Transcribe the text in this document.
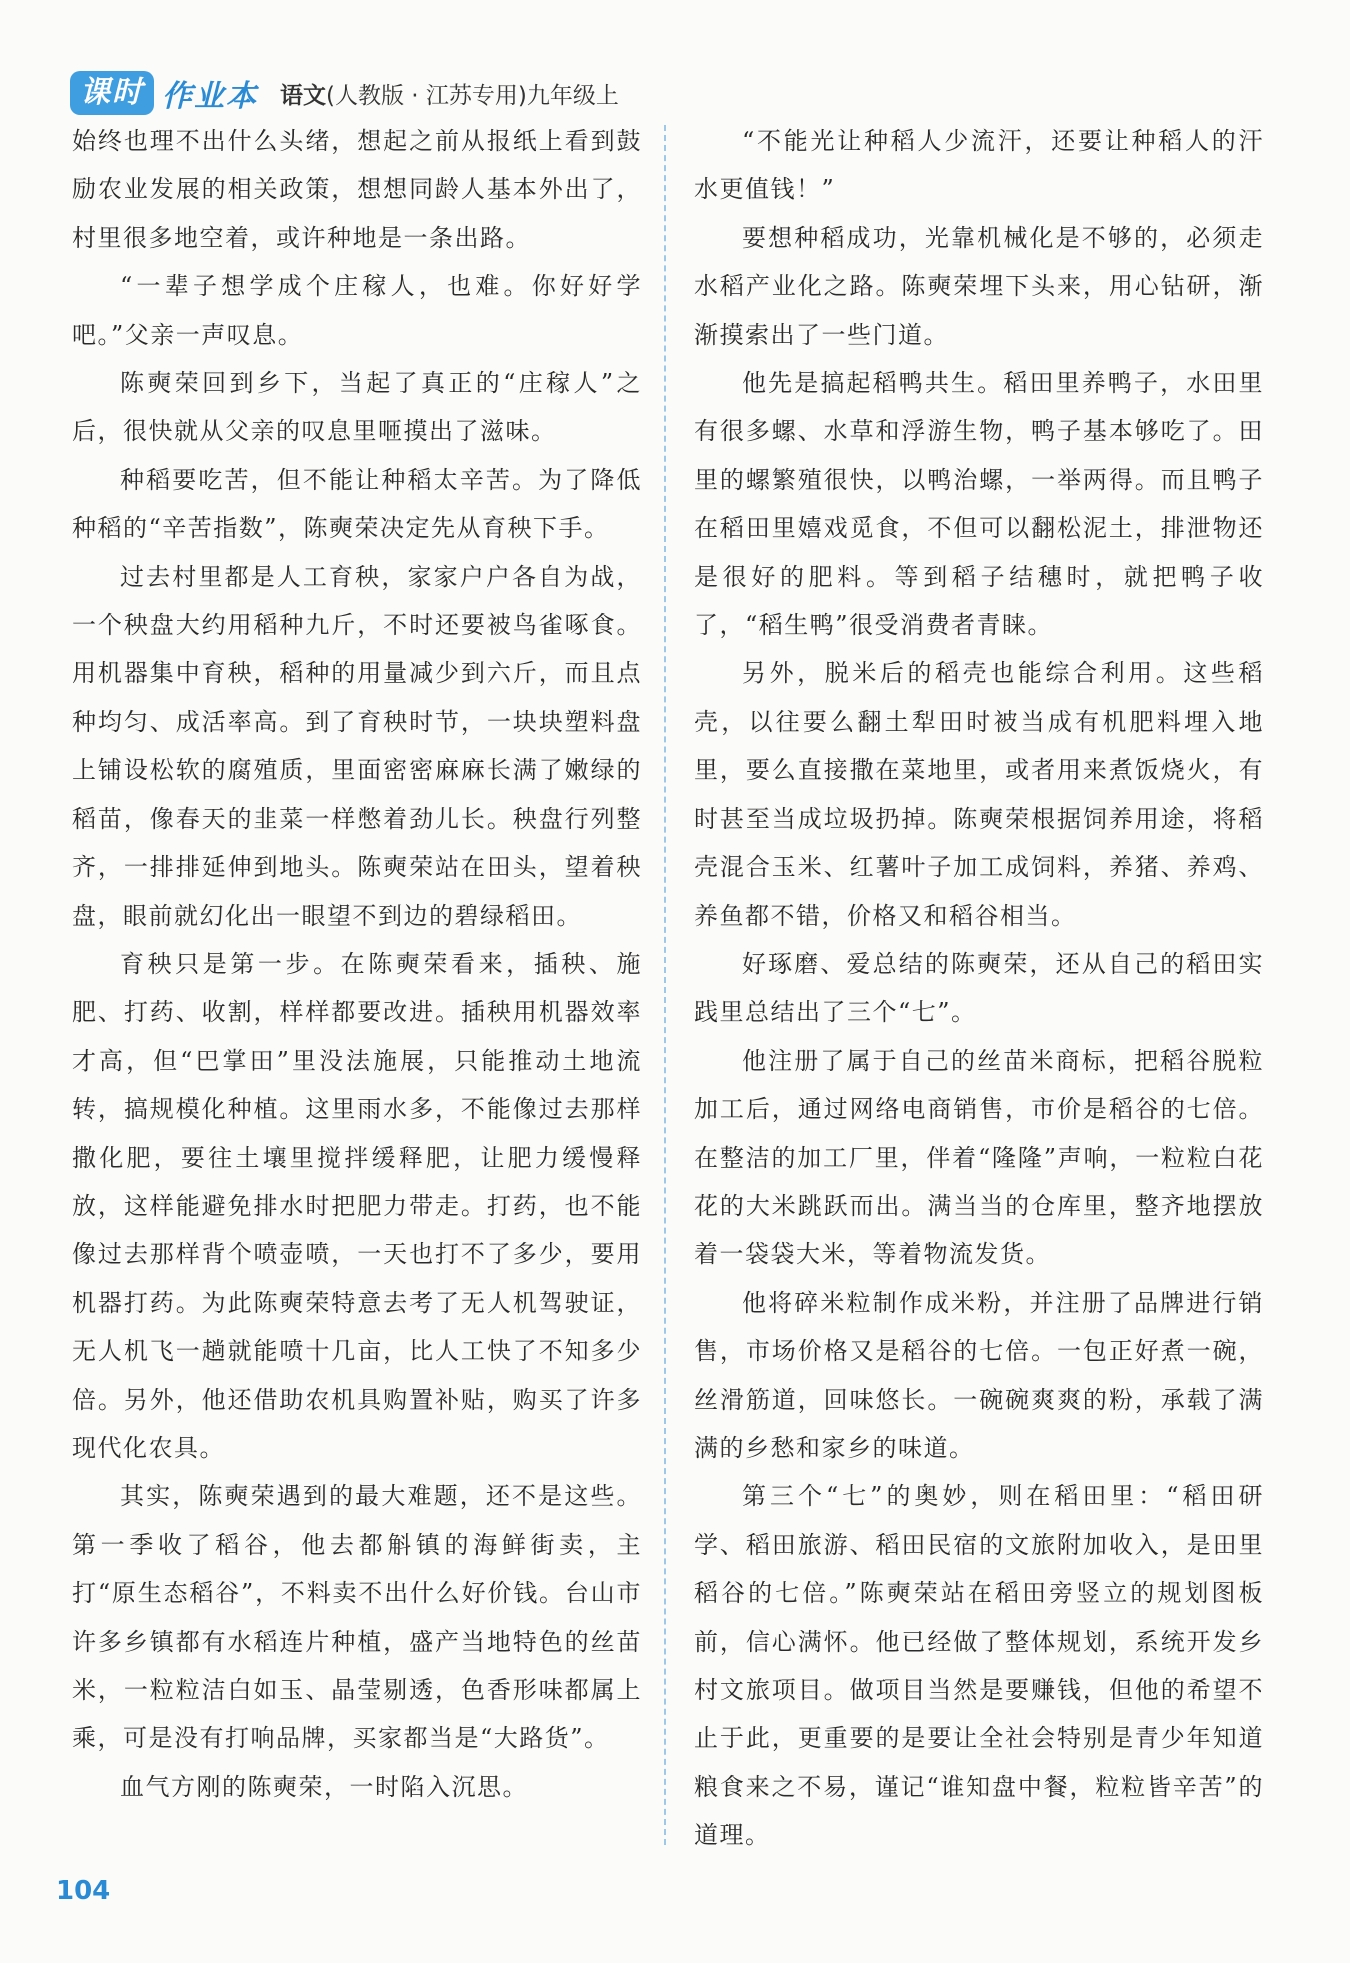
课时 作业本 语文(人教版 · 江苏专用)九年级上

始终也理不出什么头绪，想起之前从报纸上看到鼓励农业发展的相关政策，想想同龄人基本外出了，村里很多地空着，或许种地是一条出路。

“一辈子想学成个庄稼人，也难。你好好学吧。”父亲一声叹息。

陈奭荣回到乡下，当起了真正的“庄稼人”之后，很快就从父亲的叹息里咂摸出了滋味。

种稻要吃苦，但不能让种稻太辛苦。为了降低种稻的“辛苦指数”，陈奭荣决定先从育秧下手。

过去村里都是人工育秧，家家户户各自为战，一个秧盘大约用稻种九斤，不时还要被鸟雀啄食。用机器集中育秧，稻种的用量减少到六斤，而且点种均匀、成活率高。到了育秧时节，一块块塑料盘上铺设松软的腐殖质，里面密密麻麻长满了嫩绿的稻苗，像春天的韭菜一样憋着劲儿长。秧盘行列整齐，一排排延伸到地头。陈奭荣站在田头，望着秧盘，眼前就幻化出一眼望不到边的碧绿稻田。

育秧只是第一步。在陈奭荣看来，插秧、施肥、打药、收割，样样都要改进。插秧用机器效率才高，但“巴掌田”里没法施展，只能推动土地流转，搞规模化种植。这里雨水多，不能像过去那样撒化肥，要往土壤里搅拌缓释肥，让肥力缓慢释放，这样能避免排水时把肥力带走。打药，也不能像过去那样背个喷壶喷，一天也打不了多少，要用机器打药。为此陈奭荣特意去考了无人机驾驶证，无人机飞一趟就能喷十几亩，比人工快了不知多少倍。另外，他还借助农机具购置补贴，购买了许多现代化农具。

其实，陈奭荣遇到的最大难题，还不是这些。第一季收了稻谷，他去都斛镇的海鲜街卖，主打“原生态稻谷”，不料卖不出什么好价钱。台山市许多乡镇都有水稻连片种植，盛产当地特色的丝苗米，一粒粒洁白如玉、晶莹剔透，色香形味都属上乘，可是没有打响品牌，买家都当是“大路货”。

血气方刚的陈奭荣，一时陷入沉思。

“不能光让种稻人少流汗，还要让种稻人的汗水更值钱！”

要想种稻成功，光靠机械化是不够的，必须走水稻产业化之路。陈奭荣埋下头来，用心钻研，渐渐摸索出了一些门道。

他先是搞起稻鸭共生。稻田里养鸭子，水田里有很多螺、水草和浮游生物，鸭子基本够吃了。田里的螺繁殖很快，以鸭治螺，一举两得。而且鸭子在稻田里嬉戏觅食，不但可以翻松泥土，排泄物还是很好的肥料。等到稻子结穗时，就把鸭子收了，“稻生鸭”很受消费者青睐。

另外，脱米后的稻壳也能综合利用。这些稻壳，以往要么翻土犁田时被当成有机肥料埋入地里，要么直接撒在菜地里，或者用来煮饭烧火，有时甚至当成垃圾扔掉。陈奭荣根据饲养用途，将稻壳混合玉米、红薯叶子加工成饲料，养猪、养鸡、养鱼都不错，价格又和稻谷相当。

好琢磨、爱总结的陈奭荣，还从自己的稻田实践里总结出了三个“七”。

他注册了属于自己的丝苗米商标，把稻谷脱粒加工后，通过网络电商销售，市价是稻谷的七倍。在整洁的加工厂里，伴着“隆隆”声响，一粒粒白花花的大米跳跃而出。满当当的仓库里，整齐地摆放着一袋袋大米，等着物流发货。

他将碎米粒制作成米粉，并注册了品牌进行销售，市场价格又是稻谷的七倍。一包正好煮一碗，丝滑筋道，回味悠长。一碗碗爽爽的粉，承载了满满的乡愁和家乡的味道。

第三个“七”的奥妙，则在稻田里：“稻田研学、稻田旅游、稻田民宿的文旅附加收入，是田里稻谷的七倍。”陈奭荣站在稻田旁竖立的规划图板前，信心满怀。他已经做了整体规划，系统开发乡村文旅项目。做项目当然是要赚钱，但他的希望不止于此，更重要的是要让全社会特别是青少年知道粮食来之不易，谨记“谁知盘中餐，粒粒皆辛苦”的道理。

104
